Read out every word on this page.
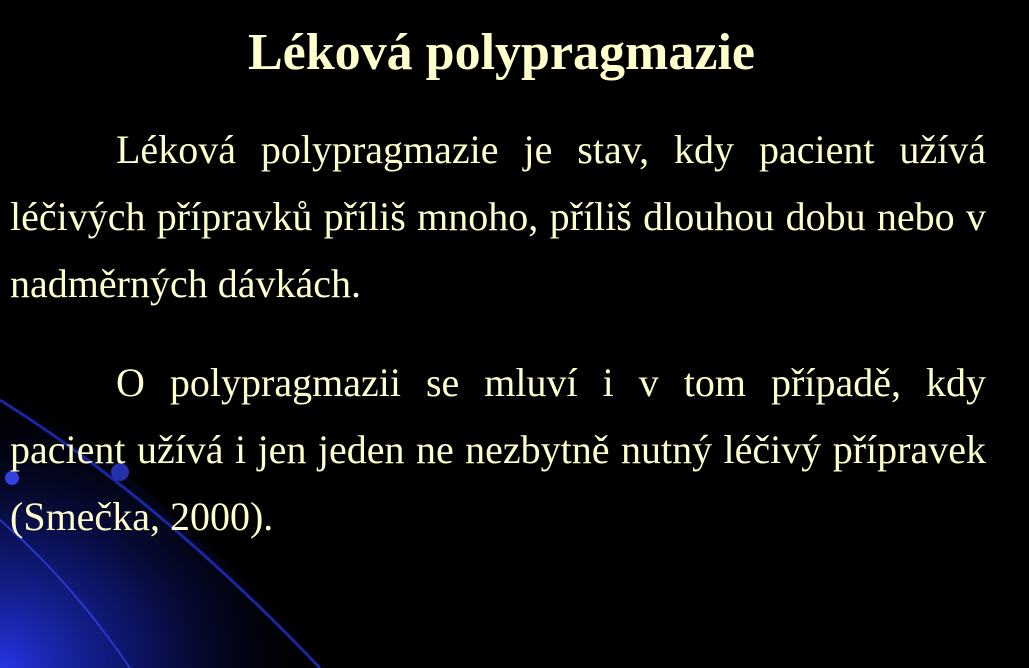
Léková polypragmazie

Léková polypragmazie je stav, kdy pacient užívá léčivých přípravků příliš mnoho, příliš dlouhou dobu nebo v nadměrných dávkách.

O polypragmazii se mluví i v tom případě, kdy pacient užívá i jen jeden ne nezbytně nutný léčivý přípravek (Smečka, 2000).
